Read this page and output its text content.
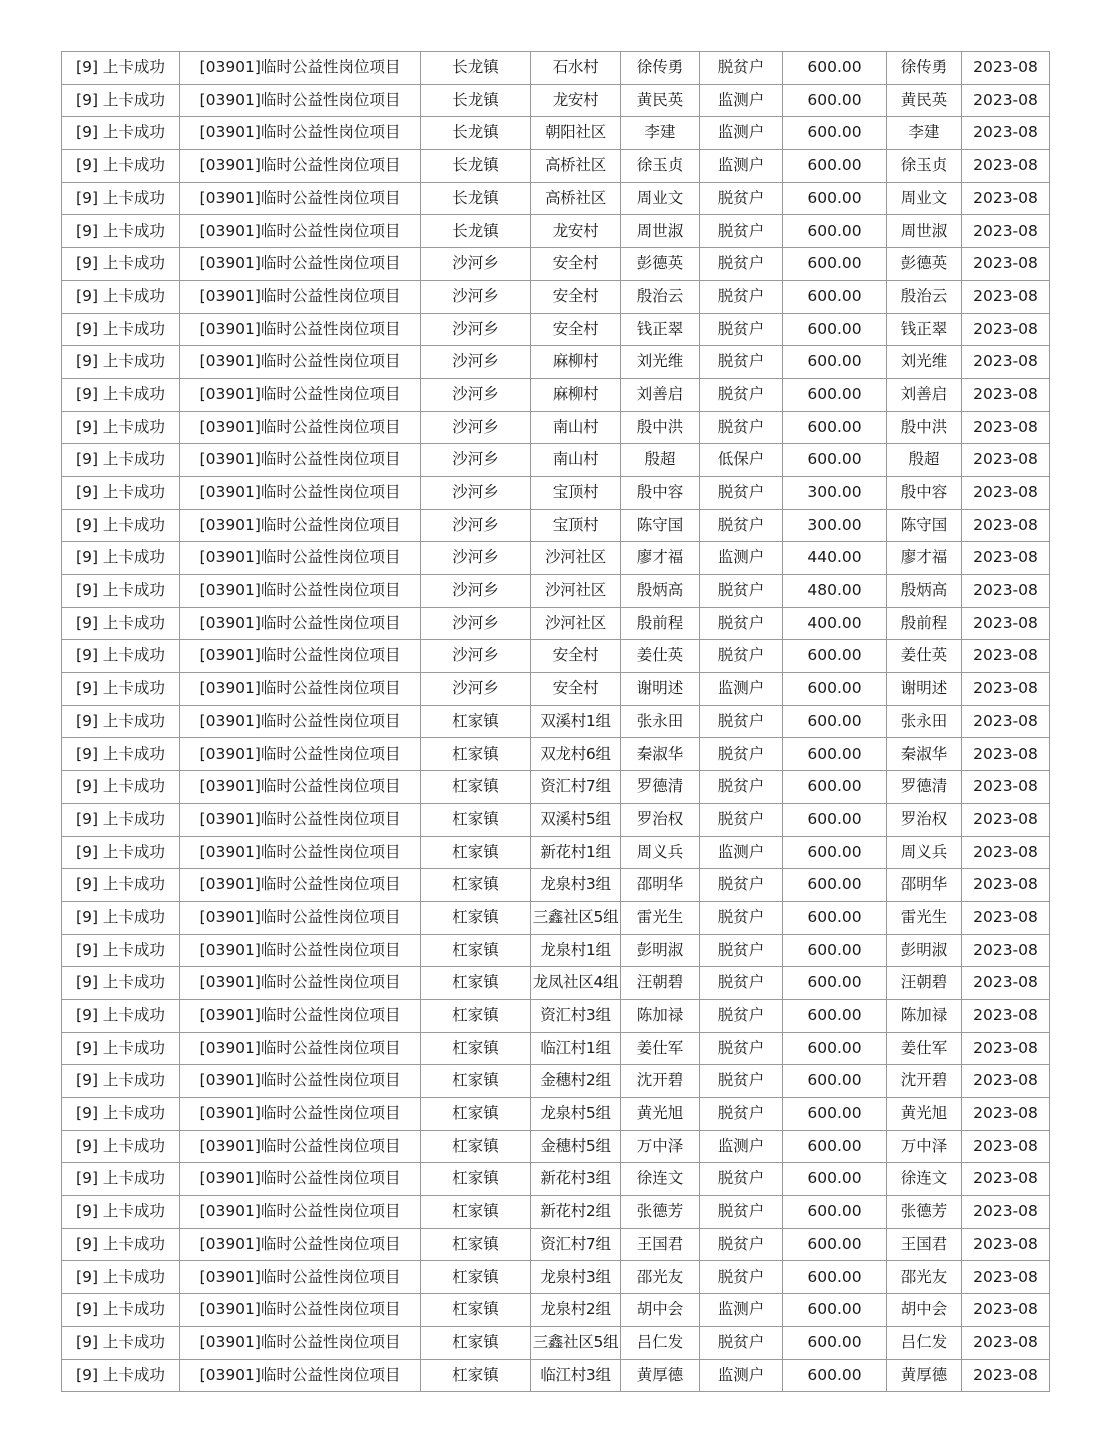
[9] 上卡成功	[03901]临时公益性岗位项目	长龙镇	石水村	徐传勇	脱贫户	600.00	徐传勇	2023-08
[9] 上卡成功	[03901]临时公益性岗位项目	长龙镇	龙安村	黄民英	监测户	600.00	黄民英	2023-08
[9] 上卡成功	[03901]临时公益性岗位项目	长龙镇	朝阳社区	李建	监测户	600.00	李建	2023-08
[9] 上卡成功	[03901]临时公益性岗位项目	长龙镇	高桥社区	徐玉贞	监测户	600.00	徐玉贞	2023-08
[9] 上卡成功	[03901]临时公益性岗位项目	长龙镇	高桥社区	周业文	脱贫户	600.00	周业文	2023-08
[9] 上卡成功	[03901]临时公益性岗位项目	长龙镇	龙安村	周世淑	脱贫户	600.00	周世淑	2023-08
[9] 上卡成功	[03901]临时公益性岗位项目	沙河乡	安全村	彭德英	脱贫户	600.00	彭德英	2023-08
[9] 上卡成功	[03901]临时公益性岗位项目	沙河乡	安全村	殷治云	脱贫户	600.00	殷治云	2023-08
[9] 上卡成功	[03901]临时公益性岗位项目	沙河乡	安全村	钱正翠	脱贫户	600.00	钱正翠	2023-08
[9] 上卡成功	[03901]临时公益性岗位项目	沙河乡	麻柳村	刘光维	脱贫户	600.00	刘光维	2023-08
[9] 上卡成功	[03901]临时公益性岗位项目	沙河乡	麻柳村	刘善启	脱贫户	600.00	刘善启	2023-08
[9] 上卡成功	[03901]临时公益性岗位项目	沙河乡	南山村	殷中洪	脱贫户	600.00	殷中洪	2023-08
[9] 上卡成功	[03901]临时公益性岗位项目	沙河乡	南山村	殷超	低保户	600.00	殷超	2023-08
[9] 上卡成功	[03901]临时公益性岗位项目	沙河乡	宝顶村	殷中容	脱贫户	300.00	殷中容	2023-08
[9] 上卡成功	[03901]临时公益性岗位项目	沙河乡	宝顶村	陈守国	脱贫户	300.00	陈守国	2023-08
[9] 上卡成功	[03901]临时公益性岗位项目	沙河乡	沙河社区	廖才福	监测户	440.00	廖才福	2023-08
[9] 上卡成功	[03901]临时公益性岗位项目	沙河乡	沙河社区	殷炳高	脱贫户	480.00	殷炳高	2023-08
[9] 上卡成功	[03901]临时公益性岗位项目	沙河乡	沙河社区	殷前程	脱贫户	400.00	殷前程	2023-08
[9] 上卡成功	[03901]临时公益性岗位项目	沙河乡	安全村	姜仕英	脱贫户	600.00	姜仕英	2023-08
[9] 上卡成功	[03901]临时公益性岗位项目	沙河乡	安全村	谢明述	监测户	600.00	谢明述	2023-08
[9] 上卡成功	[03901]临时公益性岗位项目	杠家镇	双溪村1组	张永田	脱贫户	600.00	张永田	2023-08
[9] 上卡成功	[03901]临时公益性岗位项目	杠家镇	双龙村6组	秦淑华	脱贫户	600.00	秦淑华	2023-08
[9] 上卡成功	[03901]临时公益性岗位项目	杠家镇	资汇村7组	罗德清	脱贫户	600.00	罗德清	2023-08
[9] 上卡成功	[03901]临时公益性岗位项目	杠家镇	双溪村5组	罗治权	脱贫户	600.00	罗治权	2023-08
[9] 上卡成功	[03901]临时公益性岗位项目	杠家镇	新花村1组	周义兵	监测户	600.00	周义兵	2023-08
[9] 上卡成功	[03901]临时公益性岗位项目	杠家镇	龙泉村3组	邵明华	脱贫户	600.00	邵明华	2023-08
[9] 上卡成功	[03901]临时公益性岗位项目	杠家镇	三鑫社区5组	雷光生	脱贫户	600.00	雷光生	2023-08
[9] 上卡成功	[03901]临时公益性岗位项目	杠家镇	龙泉村1组	彭明淑	脱贫户	600.00	彭明淑	2023-08
[9] 上卡成功	[03901]临时公益性岗位项目	杠家镇	龙凤社区4组	汪朝碧	脱贫户	600.00	汪朝碧	2023-08
[9] 上卡成功	[03901]临时公益性岗位项目	杠家镇	资汇村3组	陈加禄	脱贫户	600.00	陈加禄	2023-08
[9] 上卡成功	[03901]临时公益性岗位项目	杠家镇	临江村1组	姜仕军	脱贫户	600.00	姜仕军	2023-08
[9] 上卡成功	[03901]临时公益性岗位项目	杠家镇	金穗村2组	沈开碧	脱贫户	600.00	沈开碧	2023-08
[9] 上卡成功	[03901]临时公益性岗位项目	杠家镇	龙泉村5组	黄光旭	脱贫户	600.00	黄光旭	2023-08
[9] 上卡成功	[03901]临时公益性岗位项目	杠家镇	金穗村5组	万中泽	监测户	600.00	万中泽	2023-08
[9] 上卡成功	[03901]临时公益性岗位项目	杠家镇	新花村3组	徐连文	脱贫户	600.00	徐连文	2023-08
[9] 上卡成功	[03901]临时公益性岗位项目	杠家镇	新花村2组	张德芳	脱贫户	600.00	张德芳	2023-08
[9] 上卡成功	[03901]临时公益性岗位项目	杠家镇	资汇村7组	王国君	脱贫户	600.00	王国君	2023-08
[9] 上卡成功	[03901]临时公益性岗位项目	杠家镇	龙泉村3组	邵光友	脱贫户	600.00	邵光友	2023-08
[9] 上卡成功	[03901]临时公益性岗位项目	杠家镇	龙泉村2组	胡中会	监测户	600.00	胡中会	2023-08
[9] 上卡成功	[03901]临时公益性岗位项目	杠家镇	三鑫社区5组	吕仁发	脱贫户	600.00	吕仁发	2023-08
[9] 上卡成功	[03901]临时公益性岗位项目	杠家镇	临江村3组	黄厚德	监测户	600.00	黄厚德	2023-08
